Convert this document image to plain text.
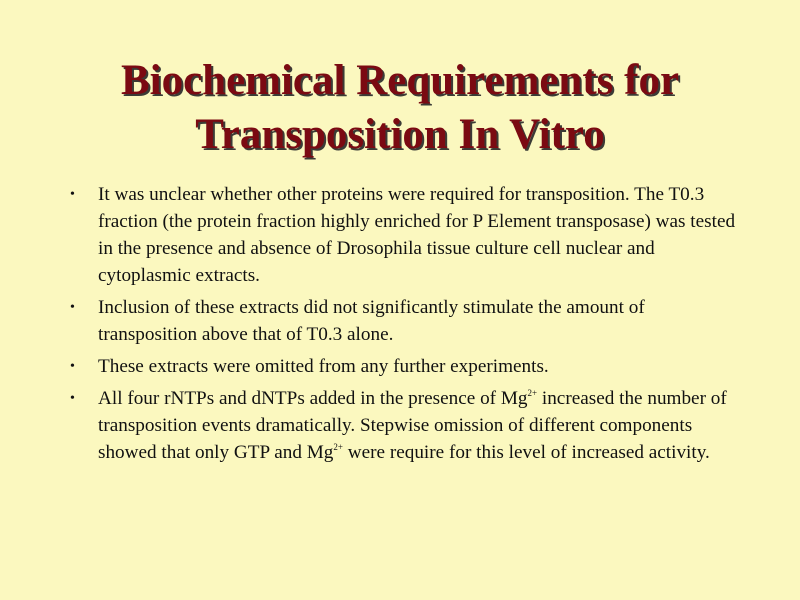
Biochemical Requirements for
Transposition In Vitro
•	It was unclear whether other proteins were required for transposition. The T0.3 fraction (the protein fraction highly enriched for P Element transposase) was tested in the presence and absence of Drosophila tissue culture cell nuclear and cytoplasmic extracts.
•	Inclusion of these extracts did not significantly stimulate the amount of transposition above that of T0.3 alone.
•	These extracts were omitted from any further experiments.
•	All four rNTPs and dNTPs added in the presence of $Mg^{2+}$ increased the number of transposition events dramatically. Stepwise omission of different components showed that only GTP and $Mg^{2+}$ were require for this level of increased activity.
